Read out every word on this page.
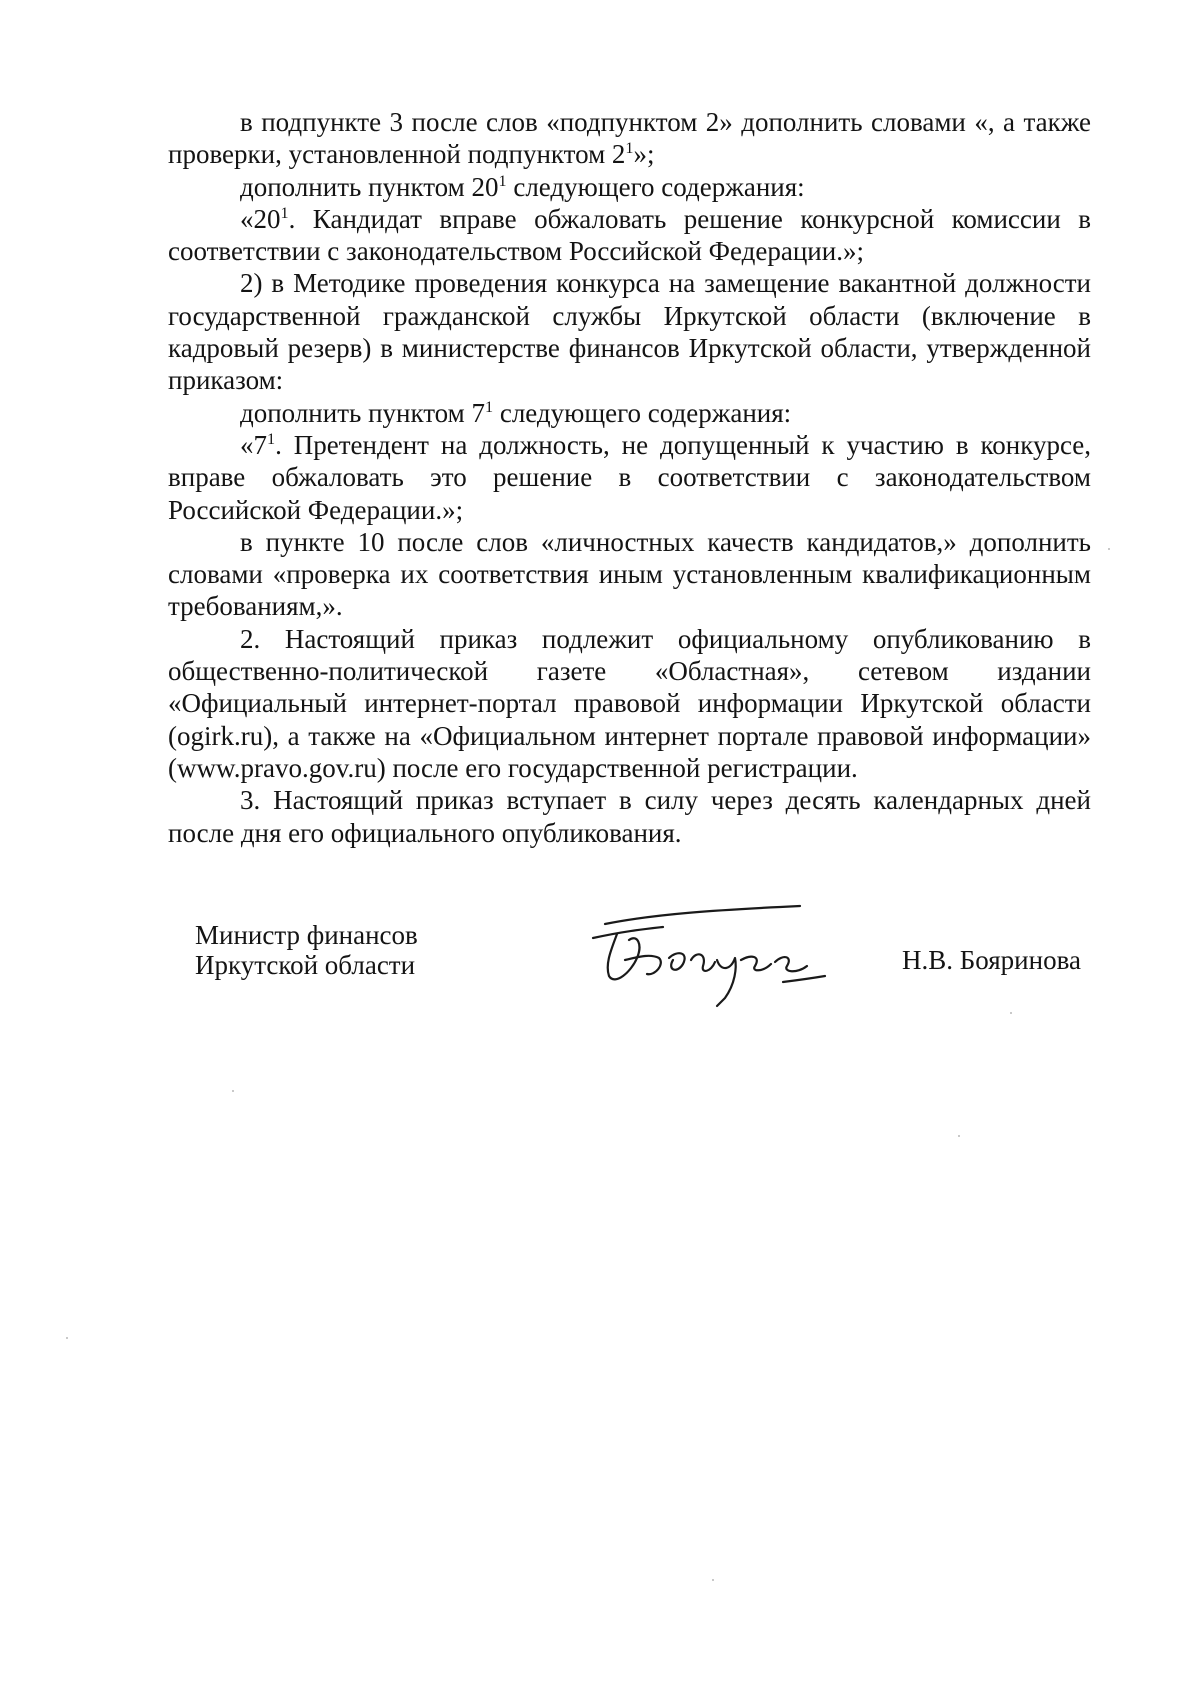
в подпункте 3 после слов «подпунктом 2» дополнить словами «, а также проверки, установленной подпунктом $2^1$»;

дополнить пунктом $20^1$ следующего содержания:

«$20^1$. Кандидат вправе обжаловать решение конкурсной комиссии в соответствии с законодательством Российской Федерации.»;

2) в Методике проведения конкурса на замещение вакантной должности государственной гражданской службы Иркутской области (включение в кадровый резерв) в министерстве финансов Иркутской области, утвержденной приказом:

дополнить пунктом $7^1$ следующего содержания:

«$7^1$. Претендент на должность, не допущенный к участию в конкурсе, вправе обжаловать это решение в соответствии с законодательством Российской Федерации.»;

в пункте 10 после слов «личностных качеств кандидатов,» дополнить словами «проверка их соответствия иным установленным квалификационным требованиям,».

2. Настоящий приказ подлежит официальному опубликованию в общественно-политической газете «Областная», сетевом издании «Официальный интернет-портал правовой информации Иркутской области (ogirk.ru), а также на «Официальном интернет портале правовой информации» (www.pravo.gov.ru) после его государственной регистрации.

3. Настоящий приказ вступает в силу через десять календарных дней после дня его официального опубликования.

Министр финансов
Иркутской области	Н.В. Бояринова
